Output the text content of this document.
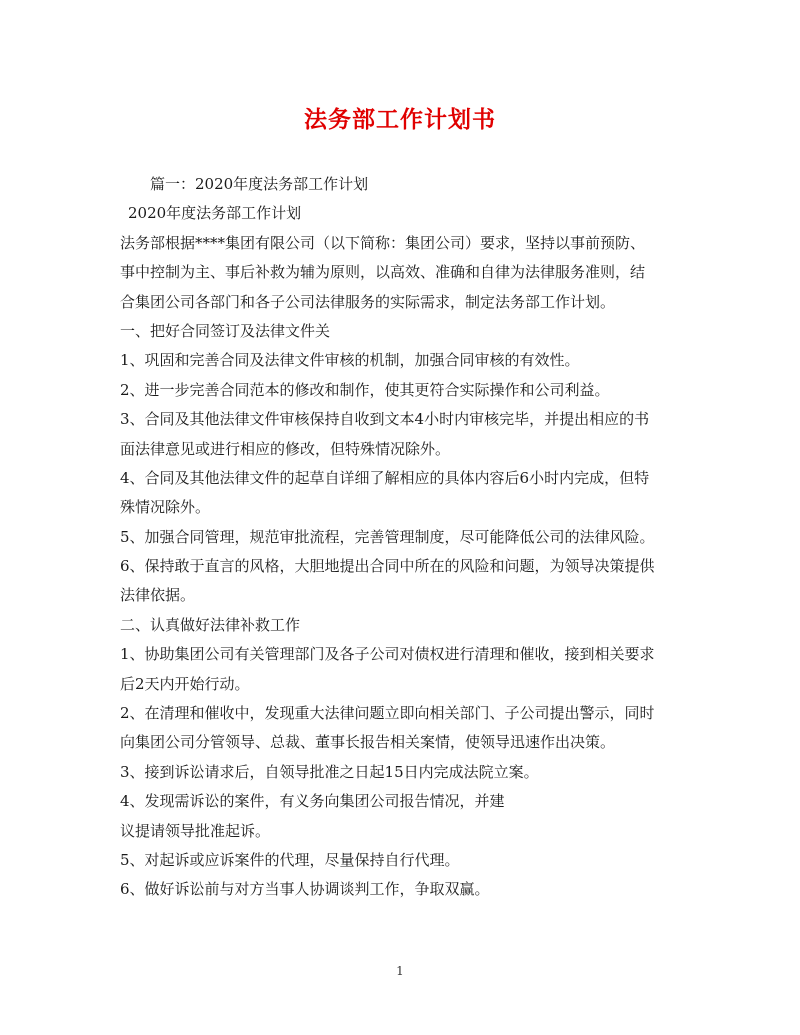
法务部工作计划书
篇一：2020年度法务部工作计划
2020年度法务部工作计划
法务部根据****集团有限公司（以下简称：集团公司）要求，坚持以事前预防、
事中控制为主、事后补救为辅为原则，以高效、准确和自律为法律服务准则，结
合集团公司各部门和各子公司法律服务的实际需求，制定法务部工作计划。
一、把好合同签订及法律文件关
1、巩固和完善合同及法律文件审核的机制，加强合同审核的有效性。
2、进一步完善合同范本的修改和制作，使其更符合实际操作和公司利益。
3、合同及其他法律文件审核保持自收到文本4小时内审核完毕，并提出相应的书
面法律意见或进行相应的修改，但特殊情况除外。
4、合同及其他法律文件的起草自详细了解相应的具体内容后6小时内完成，但特
殊情况除外。
5、加强合同管理，规范审批流程，完善管理制度，尽可能降低公司的法律风险。
6、保持敢于直言的风格，大胆地提出合同中所在的风险和问题，为领导决策提供
法律依据。
二、认真做好法律补救工作
1、协助集团公司有关管理部门及各子公司对债权进行清理和催收，接到相关要求
后2天内开始行动。
2、在清理和催收中，发现重大法律问题立即向相关部门、子公司提出警示，同时
向集团公司分管领导、总裁、董事长报告相关案情，使领导迅速作出决策。
3、接到诉讼请求后，自领导批准之日起15日内完成法院立案。
4、发现需诉讼的案件，有义务向集团公司报告情况，并建
议提请领导批准起诉。
5、对起诉或应诉案件的代理，尽量保持自行代理。
6、做好诉讼前与对方当事人协调谈判工作，争取双赢。
1
